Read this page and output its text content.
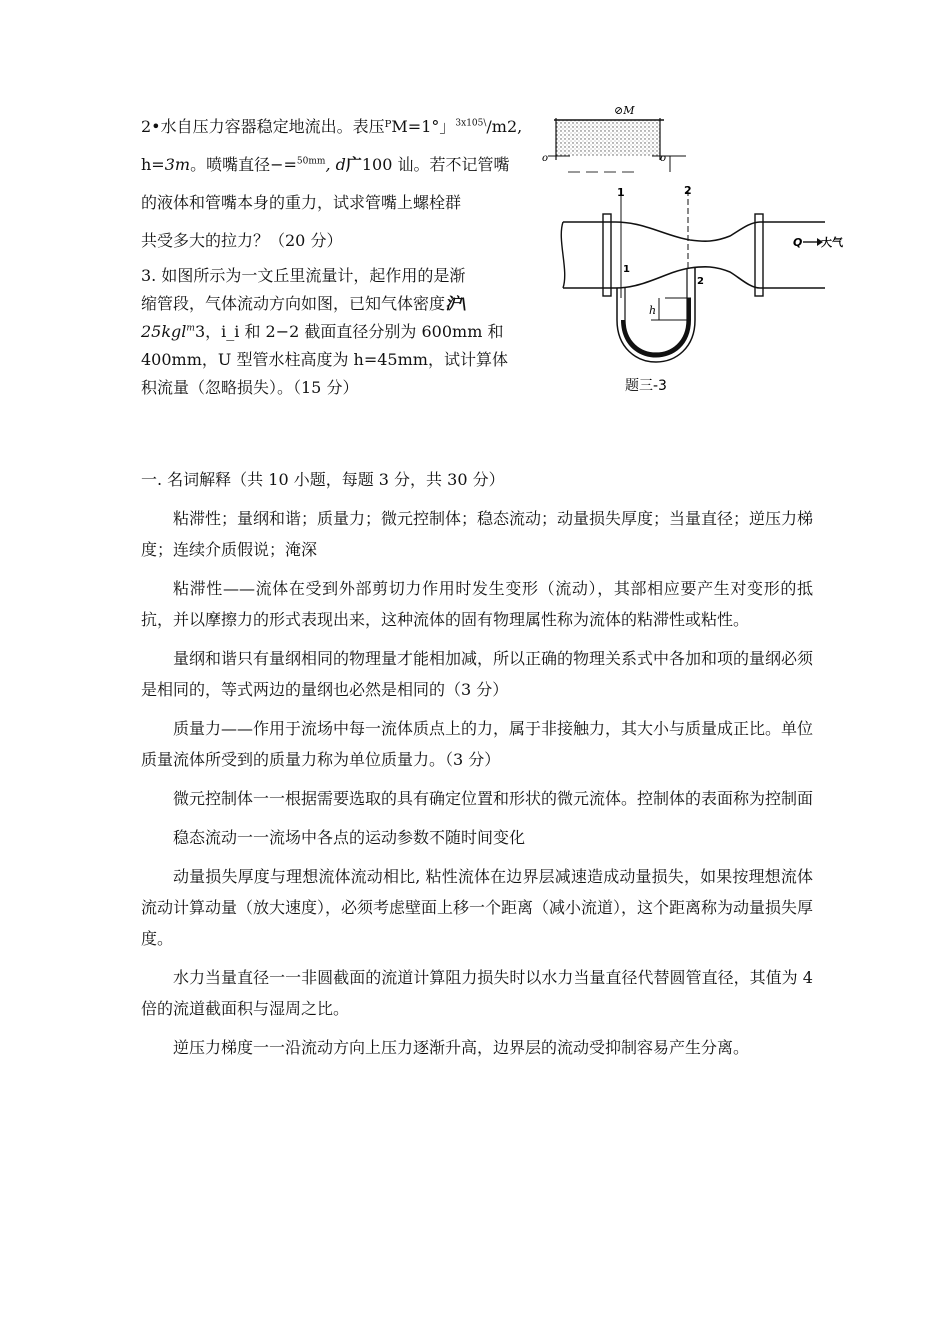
2•水自压力容器稳定地流出。表压ᴾM=1°」$^{3x105\backslash}$/m2,
h=3m。喷嘴直径−=$^{50mm}$, d广100 讪。若不记管嘴
的液体和管嘴本身的重力，试求管嘴上螺栓群
共受多大的拉力？（20 分）
3. 如图所示为一文丘里流量计，起作用的是渐
缩管段，气体流动方向如图，已知气体密度沪\
25kgl$^m$3，i_i 和 2−2 截面直径分别为 600mm 和
400mm，U 型管水柱高度为 h=45mm，试计算体
积流量（忽略损失）。（15 分）
⊘M
o	o
1	2
1
2
Q 大气
h
题三-3
一. 名词解释（共 10 小题，每题 3 分，共 30 分）

粘滞性；量纲和谐；质量力；微元控制体；稳态流动；动量损失厚度；当量直径；逆压力梯度；连续介质假说；淹深

粘滞性——流体在受到外部剪切力作用时发生变形（流动），其部相应要产生对变形的抵抗，并以摩擦力的形式表现出来，这种流体的固有物理属性称为流体的粘滞性或粘性。

量纲和谐只有量纲相同的物理量才能相加减，所以正确的物理关系式中各加和项的量纲必须是相同的，等式两边的量纲也必然是相同的（3 分）

质量力——作用于流场中每一流体质点上的力，属于非接触力，其大小与质量成正比。单位质量流体所受到的质量力称为单位质量力。（3 分）

微元控制体一一根据需要选取的具有确定位置和形状的微元流体。控制体的表面称为控制面

稳态流动一一流场中各点的运动参数不随时间变化

动量损失厚度与理想流体流动相比, 粘性流体在边界层减速造成动量损失，如果按理想流体流动计算动量（放大速度），必须考虑壁面上移一个距离（减小流道），这个距离称为动量损失厚度。

水力当量直径一一非圆截面的流道计算阻力损失时以水力当量直径代替圆管直径，其值为 4 倍的流道截面积与湿周之比。

逆压力梯度一一沿流动方向上压力逐渐升高，边界层的流动受抑制容易产生分离。
